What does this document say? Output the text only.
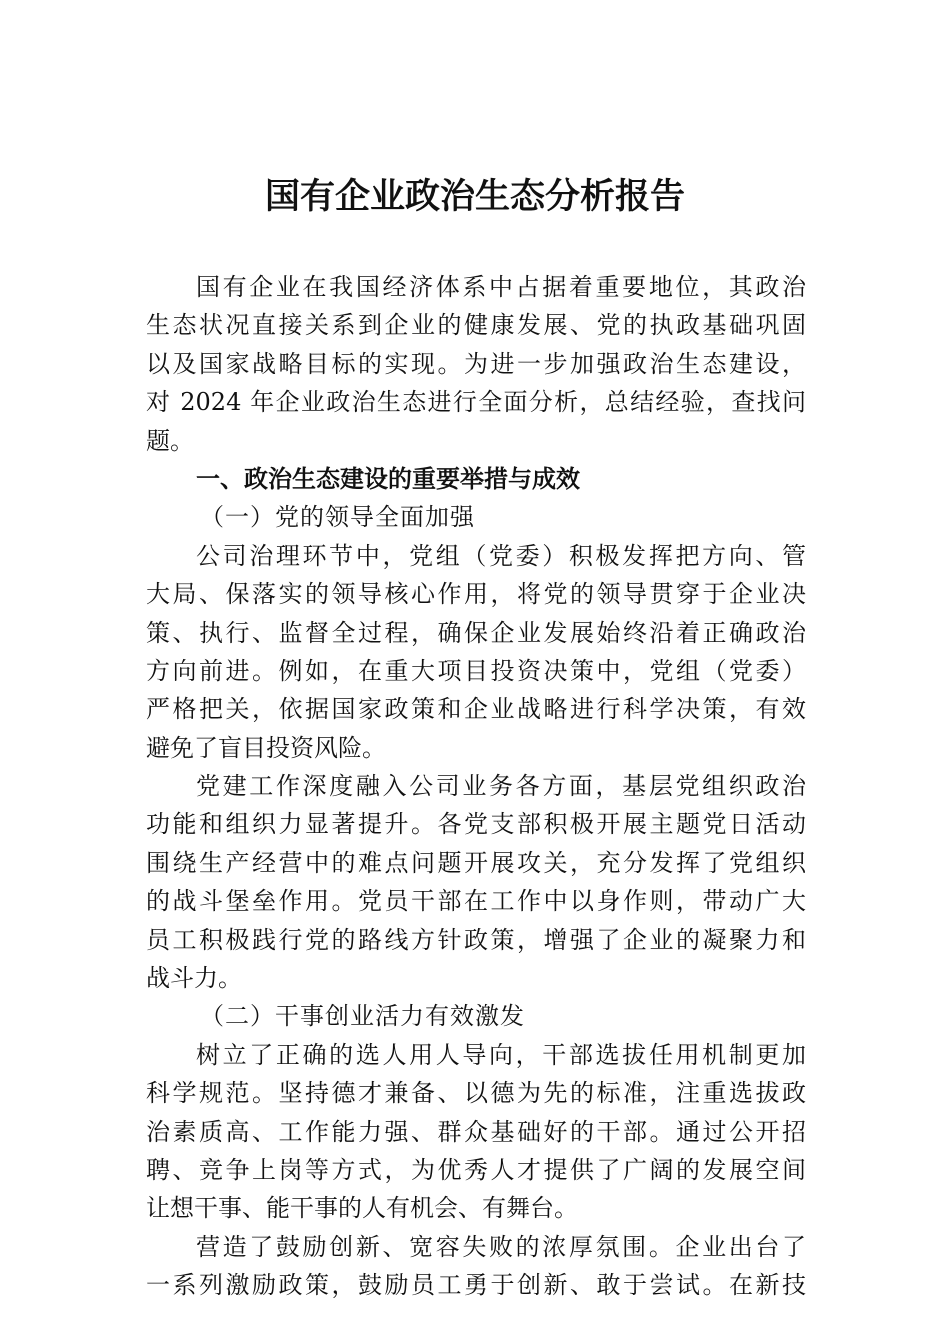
国有企业政治生态分析报告
国有企业在我国经济体系中占据着重要地位，其政治
生态状况直接关系到企业的健康发展、党的执政基础巩固
以及国家战略目标的实现。为进一步加强政治生态建设，
对 2024 年企业政治生态进行全面分析，总结经验，查找问
题。
一、政治生态建设的重要举措与成效
（一）党的领导全面加强
公司治理环节中，党组（党委）积极发挥把方向、管
大局、保落实的领导核心作用，将党的领导贯穿于企业决
策、执行、监督全过程，确保企业发展始终沿着正确政治
方向前进。例如，在重大项目投资决策中，党组（党委）
严格把关，依据国家政策和企业战略进行科学决策，有效
避免了盲目投资风险。
党建工作深度融入公司业务各方面，基层党组织政治
功能和组织力显著提升。各党支部积极开展主题党日活动
围绕生产经营中的难点问题开展攻关，充分发挥了党组织
的战斗堡垒作用。党员干部在工作中以身作则，带动广大
员工积极践行党的路线方针政策，增强了企业的凝聚力和
战斗力。
（二）干事创业活力有效激发
树立了正确的选人用人导向，干部选拔任用机制更加
科学规范。坚持德才兼备、以德为先的标准，注重选拔政
治素质高、工作能力强、群众基础好的干部。通过公开招
聘、竞争上岗等方式，为优秀人才提供了广阔的发展空间
让想干事、能干事的人有机会、有舞台。
营造了鼓励创新、宽容失败的浓厚氛围。企业出台了
一系列激励政策，鼓励员工勇于创新、敢于尝试。在新技
